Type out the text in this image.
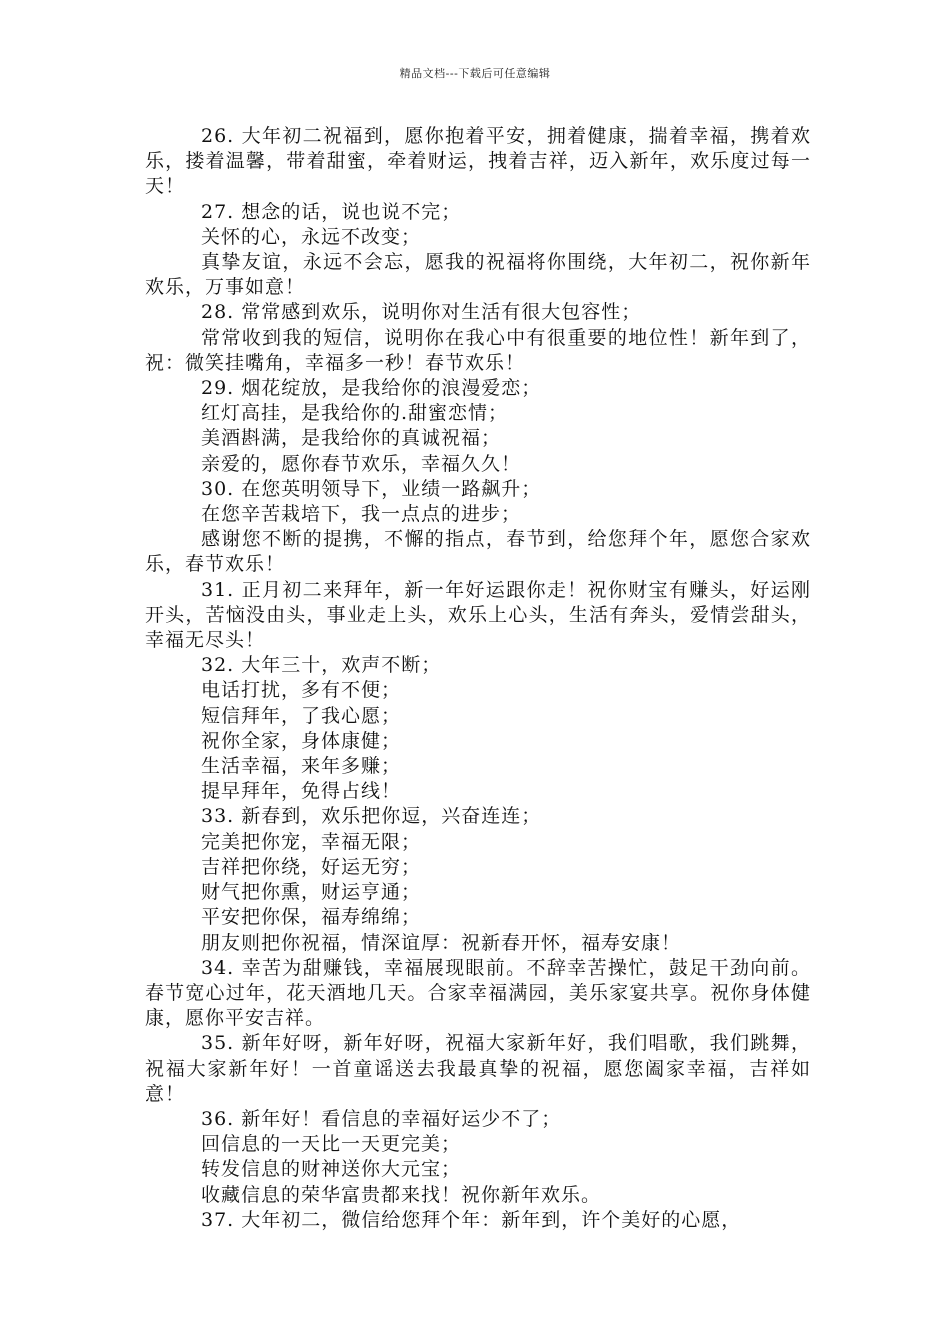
精品文档---下载后可任意编辑

26. 大年初二祝福到，愿你抱着平安，拥着健康，揣着幸福，携着欢乐，搂着温馨，带着甜蜜，牵着财运，拽着吉祥，迈入新年，欢乐度过每一天！

27. 想念的话，说也说不完；

关怀的心，永远不改变；

真挚友谊，永远不会忘，愿我的祝福将你围绕，大年初二，祝你新年欢乐，万事如意！

28. 常常感到欢乐，说明你对生活有很大包容性；

常常收到我的短信，说明你在我心中有很重要的地位性！新年到了，祝：微笑挂嘴角，幸福多一秒！春节欢乐！

29. 烟花绽放，是我给你的浪漫爱恋；

红灯高挂，是我给你的.甜蜜恋情；

美酒斟满，是我给你的真诚祝福；

亲爱的，愿你春节欢乐，幸福久久！

30. 在您英明领导下，业绩一路飙升；

在您辛苦栽培下，我一点点的进步；

感谢您不断的提携，不懈的指点，春节到，给您拜个年，愿您合家欢乐，春节欢乐！

31. 正月初二来拜年，新一年好运跟你走！祝你财宝有赚头，好运刚开头，苦恼没由头，事业走上头，欢乐上心头，生活有奔头，爱情尝甜头，幸福无尽头！

32. 大年三十，欢声不断；

电话打扰，多有不便；

短信拜年，了我心愿；

祝你全家，身体康健；

生活幸福，来年多赚；

提早拜年，免得占线！

33. 新春到，欢乐把你逗，兴奋连连；

完美把你宠，幸福无限；

吉祥把你绕，好运无穷；

财气把你熏，财运亨通；

平安把你保，福寿绵绵；

朋友则把你祝福，情深谊厚：祝新春开怀，福寿安康！

34. 幸苦为甜赚钱，幸福展现眼前。不辞幸苦操忙，鼓足干劲向前。春节宽心过年，花天酒地几天。合家幸福满园，美乐家宴共享。祝你身体健康，愿你平安吉祥。

35. 新年好呀，新年好呀，祝福大家新年好，我们唱歌，我们跳舞，祝福大家新年好！一首童谣送去我最真挚的祝福，愿您阖家幸福，吉祥如意！

36. 新年好！看信息的幸福好运少不了；

回信息的一天比一天更完美；

转发信息的财神送你大元宝；

收藏信息的荣华富贵都来找！祝你新年欢乐。

37. 大年初二，微信给您拜个年：新年到，许个美好的心愿，
